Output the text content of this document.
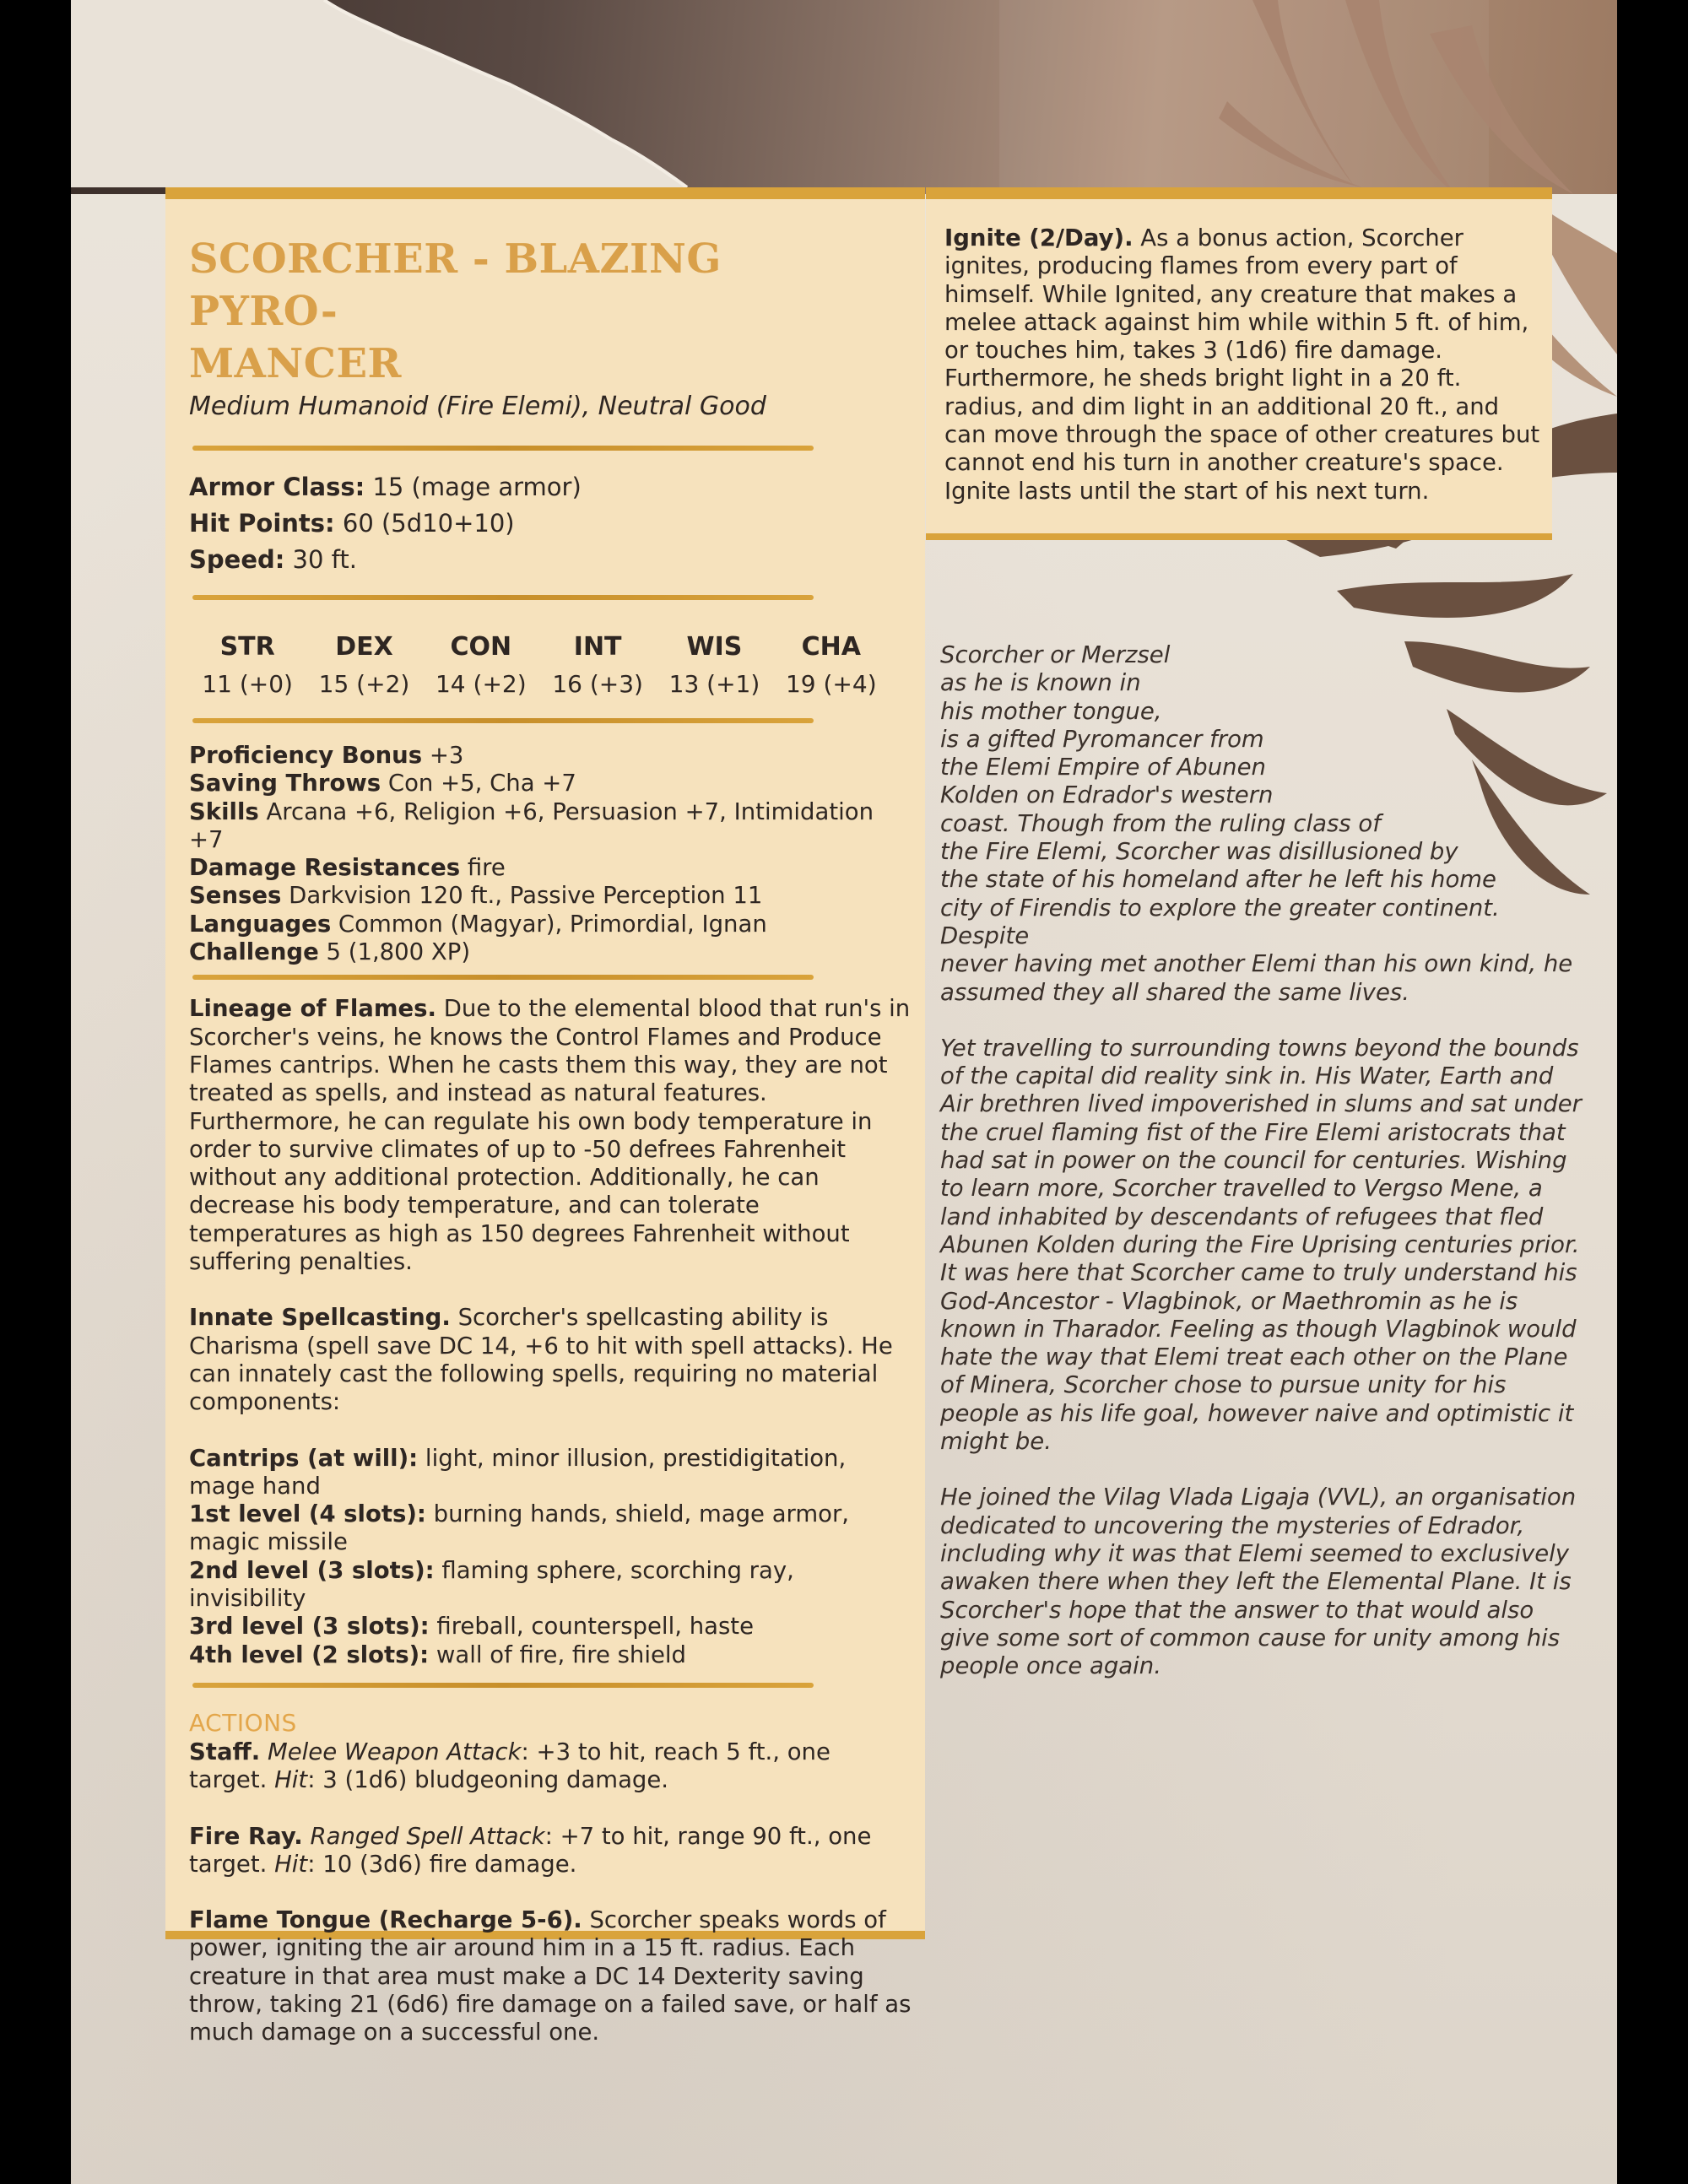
SCORCHER - BLAZING PYRO-
MANCER
Medium Humanoid (Fire Elemi), Neutral Good
Armor Class: 15 (mage armor)
Hit Points: 60 (5d10+10)
Speed: 30 ft.
STR
11 (+0)
DEX
15 (+2)
CON
14 (+2)
INT
16 (+3)
WIS
13 (+1)
CHA
19 (+4)
Proficiency Bonus +3
Saving Throws Con +5, Cha +7
Skills Arcana +6, Religion +6, Persuasion +7, Intimidation +7
Damage Resistances fire
Senses Darkvision 120 ft., Passive Perception 11
Languages Common (Magyar), Primordial, Ignan
Challenge 5 (1,800 XP)
Lineage of Flames. Due to the elemental blood that run's in Scorcher's veins, he knows the Control Flames and Produce Flames cantrips. When he casts them this way, they are not treated as spells, and instead as natural features. Furthermore, he can regulate his own body temperature in order to survive climates of up to -50 defrees Fahrenheit without any additional protection. Additionally, he can decrease his body temperature, and can tolerate temperatures as high as 150 degrees Fahrenheit without suffering penalties.
Innate Spellcasting. Scorcher's spellcasting ability is Charisma (spell save DC 14, +6 to hit with spell attacks). He can innately cast the following spells, requiring no material components:
Cantrips (at will): light, minor illusion, prestidigitation, mage hand
1st level (4 slots): burning hands, shield, mage armor, magic missile
2nd level (3 slots): flaming sphere, scorching ray, invisibility
3rd level (3 slots): fireball, counterspell, haste
4th level (2 slots): wall of fire, fire shield
ACTIONS
Staff. Melee Weapon Attack: +3 to hit, reach 5 ft., one target. Hit: 3 (1d6) bludgeoning damage.
Fire Ray. Ranged Spell Attack: +7 to hit, range 90 ft., one target. Hit: 10 (3d6) fire damage.
Flame Tongue (Recharge 5-6). Scorcher speaks words of power, igniting the air around him in a 15 ft. radius. Each creature in that area must make a DC 14 Dexterity saving throw, taking 21 (6d6) fire damage on a failed save, or half as much damage on a successful one.
Ignite (2/Day). As a bonus action, Scorcher ignites, producing flames from every part of himself. While Ignited, any creature that makes a melee attack against him while within 5 ft. of him, or touches him, takes 3 (1d6) fire damage. Furthermore, he sheds bright light in a 20 ft. radius, and dim light in an additional 20 ft., and can move through the space of other creatures but cannot end his turn in another creature's space. Ignite lasts until the start of his next turn.

Scorcher or Merzsel
as he is known in
his mother tongue,
is a gifted Pyromancer from
the Elemi Empire of Abunen
Kolden on Edrador's western
coast. Though from the ruling class of
the Fire Elemi, Scorcher was disillusioned by
the state of his homeland after he left his home
city of Firendis to explore the greater continent. Despite
never having met another Elemi than his own kind, he
assumed they all shared the same lives.

Yet travelling to surrounding towns beyond the bounds of the capital did reality sink in. His Water, Earth and Air brethren lived impoverished in slums and sat under the cruel flaming fist of the Fire Elemi aristocrats that had sat in power on the council for centuries. Wishing to learn more, Scorcher travelled to Vergso Mene, a land inhabited by descendants of refugees that fled Abunen Kolden during the Fire Uprising centuries prior. It was here that Scorcher came to truly understand his God-Ancestor - Vlagbinok, or Maethromin as he is known in Tharador. Feeling as though Vlagbinok would hate the way that Elemi treat each other on the Plane of Minera, Scorcher chose to pursue unity for his people as his life goal, however naive and optimistic it might be.

He joined the Vilag Vlada Ligaja (VVL), an organisation dedicated to uncovering the mysteries of Edrador, including why it was that Elemi seemed to exclusively awaken there when they left the Elemental Plane. It is Scorcher's hope that the answer to that would also give some sort of common cause for unity among his people once again.
